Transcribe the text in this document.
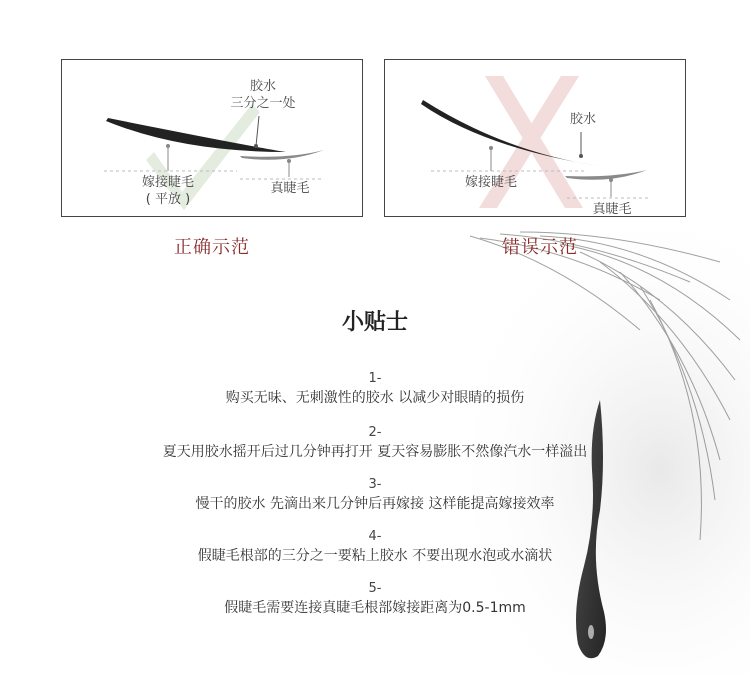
胶水
三分之一处
嫁接睫毛
( 平放 )
真睫毛
胶水
嫁接睫毛
真睫毛
正确示范	错误示范
小贴士
1-
购买无味、无刺激性的胶水 以减少对眼睛的损伤
2-
夏天用胶水摇开后过几分钟再打开 夏天容易膨胀不然像汽水一样溢出
3-
慢干的胶水 先滴出来几分钟后再嫁接 这样能提高嫁接效率
4-
假睫毛根部的三分之一要粘上胶水 不要出现水泡或水滴状
5-
假睫毛需要连接真睫毛根部嫁接距离为0.5-1mm
